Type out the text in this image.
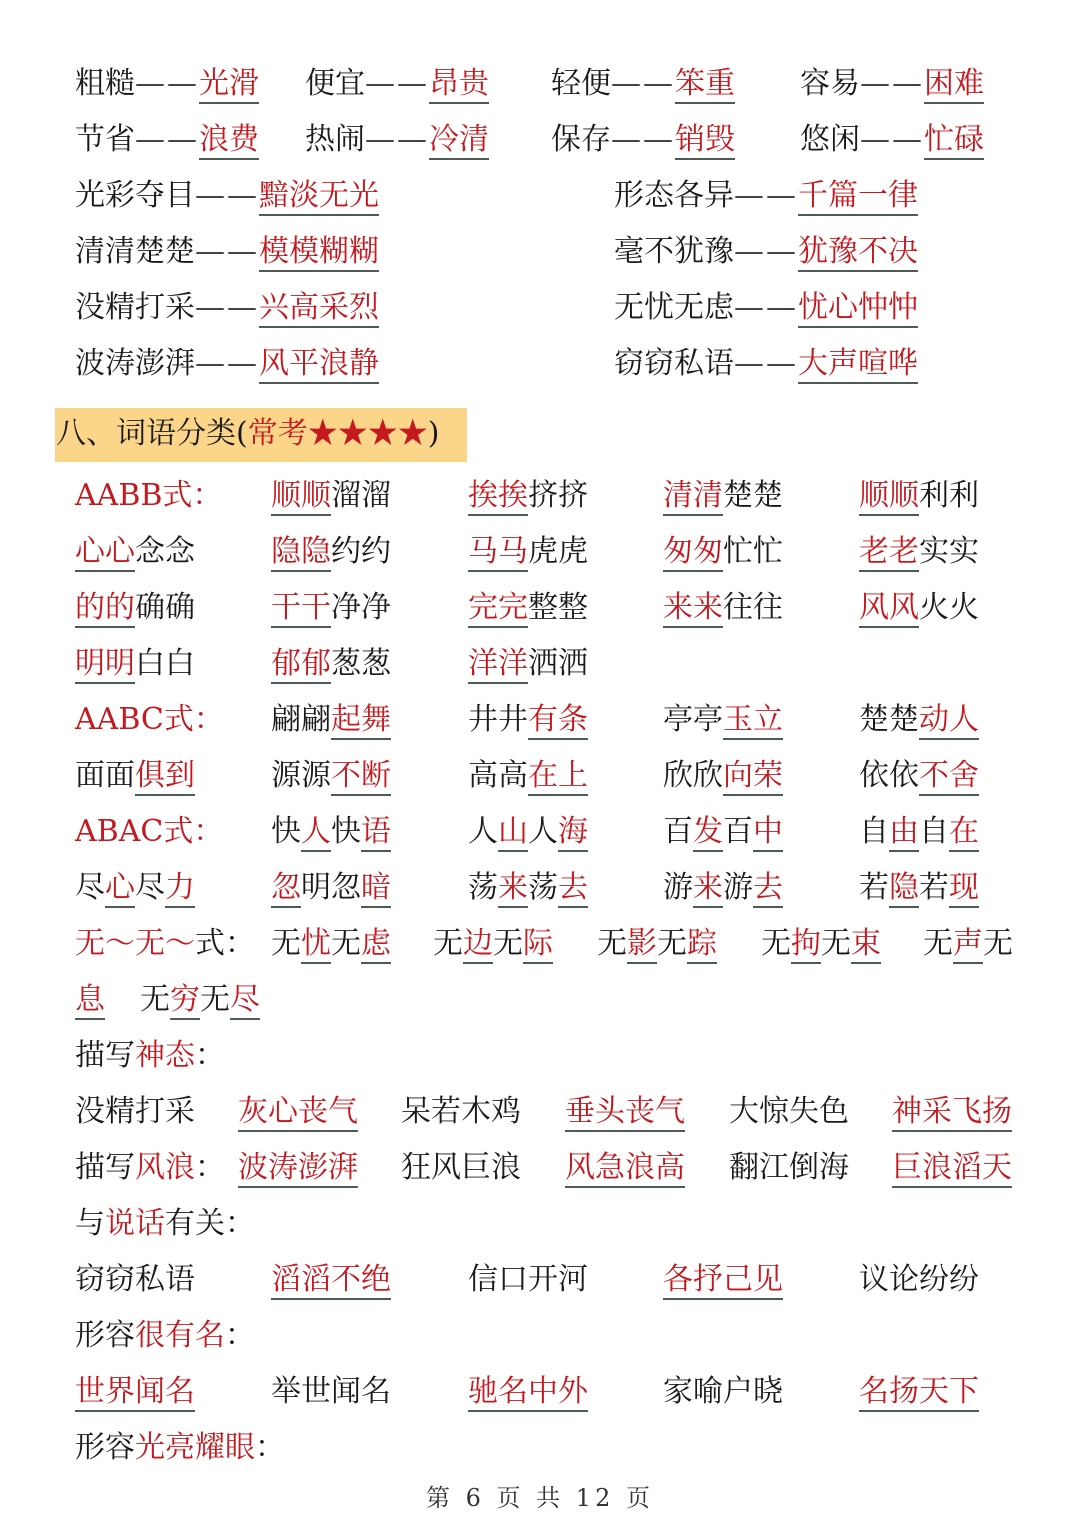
粗糙——光滑 便宜——昂贵 轻便——笨重 容易——困难
节省——浪费 热闹——冷清 保存——销毁 悠闲——忙碌
光彩夺目——黯淡无光	形态各异——千篇一律
清清楚楚——模模糊糊	毫不犹豫——犹豫不决
没精打采——兴高采烈	无忧无虑——忧心忡忡
波涛澎湃——风平浪静	窃窃私语——大声喧哗
八、词语分类(常考★★★★)
AABB式： 顺顺溜溜	挨挨挤挤	清清楚楚	顺顺利利
心心念念	隐隐约约	马马虎虎	匆匆忙忙	老老实实
的的确确	干干净净	完完整整	来来往往	风风火火
明明白白	郁郁葱葱	洋洋洒洒
AABC式： 翩翩起舞	井井有条	亭亭玉立	楚楚动人
面面俱到	源源不断	高高在上	欣欣向荣	依依不舍
ABAC式： 快人快语	人山人海	百发百中	自由自在
尽心尽力	忽明忽暗	荡来荡去	游来游去	若隐若现
无～无～式： 无忧无虑 无边无际 无影无踪 无拘无束 无声无
息 无穷无尽
描写神态：
没精打采 灰心丧气 呆若木鸡 垂头丧气 大惊失色 神采飞扬
描写风浪： 波涛澎湃 狂风巨浪 风急浪高 翻江倒海 巨浪滔天
与说话有关：
窃窃私语	滔滔不绝	信口开河	各抒己见	议论纷纷
形容很有名：
世界闻名	举世闻名	驰名中外	家喻户晓	名扬天下
形容光亮耀眼：
第 6 页 共 12 页
